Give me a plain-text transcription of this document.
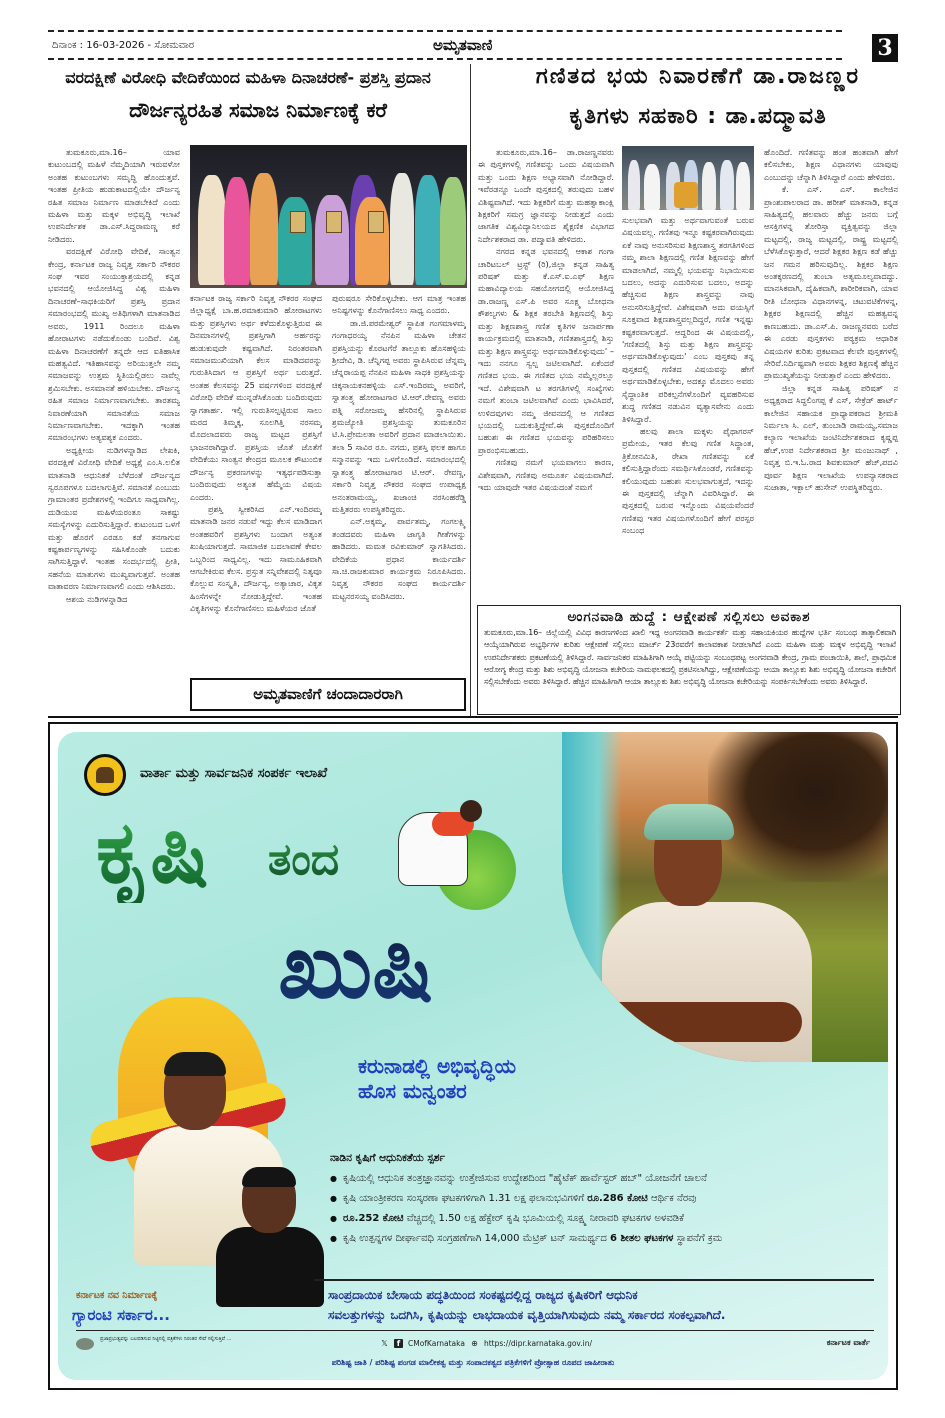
ದಿನಾಂಕ : 16-03-2026 - ಸೋಮವಾರ	ಅಮೃತವಾಣಿ	3
ವರದಕ್ಷಿಣೆ ವಿರೋಧಿ ವೇದಿಕೆಯಿಂದ ಮಹಿಳಾ ದಿನಾಚರಣೆ- ಪ್ರಶಸ್ತಿ ಪ್ರದಾನ
ದೌರ್ಜನ್ಯರಹಿತ ಸಮಾಜ ನಿರ್ಮಾಣಕ್ಕೆ ಕರೆ
ಗಣಿತದ ಭಯ ನಿವಾರಣೆಗೆ ಡಾ.ರಾಜಣ್ಣರ
ಕೃತಿಗಳು ಸಹಕಾರಿ : ಡಾ.ಪದ್ಮಾವತಿ

ತುಮಕೂರು,ಮಾ.16– ಯಾವ ಕುಟುಂಬದಲ್ಲಿ ಮಹಿಳೆ ನೆಮ್ಮದಿಯಾಗಿ ಇರುವಳೋ ಅಂತಹ ಕುಟುಂಬಗಳು ಸಮೃದ್ಧಿ ಹೊಂದುತ್ತವೆ. ಇಂತಹ ಪ್ರೀತಿಯ ಹುಡುಕಾಟದಲ್ಲಿಯೇ ದೌರ್ಜನ್ಯ ರಹಿತ ಸಮಾಜ ನಿರ್ಮಾಣ ಮಾಡಬೇಕಿದೆ ಎಂದು ಮಹಿಳಾ ಮತ್ತು ಮಕ್ಕಳ ಅಭಿವೃದ್ಧಿ ಇಲಾಖೆ ಉಪನಿರ್ದೇಶಕ ಡಾ.ಎಸ್.ಸಿದ್ದರಾಮಣ್ಣ ಕರೆ ನೀಡಿದರು.

ವರದಕ್ಷಿಣೆ ವಿರೋಧಿ ವೇದಿಕೆ, ಸಾಂತ್ವನ ಕೇಂದ್ರ, ಕರ್ನಾಟಕ ರಾಜ್ಯ ನಿವೃತ್ತ ಸರ್ಕಾರಿ ನೌಕರರ ಸಂಘ ಇವರ ಸಂಯುಕ್ತಾಶ್ರಯದಲ್ಲಿ ಕನ್ನಡ ಭವನದಲ್ಲಿ ಆಯೋಜಿಸಿದ್ದ ವಿಶ್ವ ಮಹಿಳಾ ದಿನಾಚರಣೆ–ಸಾಧಕಿಯರಿಗೆ ಪ್ರಶಸ್ತಿ ಪ್ರದಾನ ಸಮಾರಂಭದಲ್ಲಿ ಮುಖ್ಯ ಅತಿಥಿಗಳಾಗಿ ಮಾತನಾಡಿದ ಅವರು, 1911 ರಿಂದಲೂ ಮಹಿಳಾ ಹೋರಾಟಗಳು ನಡೆದುಕೊಂಡು ಬಂದಿವೆ. ವಿಶ್ವ ಮಹಿಳಾ ದಿನಾಚರಣೆಗೆ ತನ್ನದೇ ಆದ ಐತಿಹಾಸಿಕ ಮಹತ್ವವಿದೆ. ಇತಿಹಾಸವನ್ನು ಅರಿಯುತ್ತಲೇ ನಮ್ಮ ಸಮಾಜವನ್ನು ಉತ್ತಮ ಸ್ಥಿತಿಯಲ್ಲಿಡಲು ನಾವೆಲ್ಲ ಶ್ರಮಿಸಬೇಕು. ಅಸಮಾನತೆ ಹಳಿಯಬೇಕು. ದೌರ್ಜನ್ಯ ರಹಿತ ಸಮಾಜ ನಿರ್ಮಾಣವಾಗಬೇಕು. ತಾರತಮ್ಯ ನಿವಾರಣೆಯಾಗಿ ಸಮಾನತೆಯ ಸಮಾಜ ನಿರ್ಮಾಣವಾಗಬೇಕು. ಇದಕ್ಕಾಗಿ ಇಂತಹ ಸಮಾರಂಭಗಳು ಅತ್ಯವಶ್ಯಕ ಎಂದರು.

ಅಧ್ಯಕ್ಷೀಯ ನುಡಿಗಳನ್ನಾಡಿದ ಲೇಖಕಿ, ವರದಕ್ಷಿಣೆ ವಿರೋಧಿ ವೇದಿಕೆ ಅಧ್ಯಕ್ಷೆ ಎಂ.ಸಿ.ಲಲಿತ ಮಾತನಾಡಿ ಆಧುನಿಕತೆ ಬೆಳೆದಂತೆ ದೌರ್ಜನ್ಯದ ಸ್ವರೂಪಗಳೂ ಬದಲಾಗುತ್ತಿವೆ. ಸಮಾನತೆ ಎಂಬುದು ಗ್ರಾಮಾಂತರ ಪ್ರದೇಶಗಳಲ್ಲಿ ಇಂದಿಗೂ ಸಾಧ್ಯವಾಗಿಲ್ಲ. ದುಡಿಯುವ ಮಹಿಳೆಯರಂತೂ ಸಾಕಷ್ಟು ಸಮಸ್ಯೆಗಳನ್ನು ಎದುರಿಸುತ್ತಿದ್ದಾರೆ. ಕುಟುಂಬದ ಒಳಗೆ ಮತ್ತು ಹೊರಗೆ ಎರಡೂ ಕಡೆ ತನಗಾಗುವ ಕಷ್ಟಕಾರ್ಪಣ್ಯಗಳನ್ನು ಸಹಿಸಿಕೊಂಡೇ ಬದುಕು ಸಾಗಿಸುತ್ತಿದ್ದಾಳೆ. ಇಂತಹ ಸಂದರ್ಭದಲ್ಲಿ ಪ್ರೀತಿ, ಸಹನೆಯ ಮಾತುಗಳು ಮುಖ್ಯವಾಗುತ್ತವೆ. ಅಂತಹ ವಾತಾವರಣ ನಿರ್ಮಾಣವಾಗಲಿ ಎಂದು ಆಶಿಸಿದರು.

ಆಶಯ ನುಡಿಗಳನ್ನಾಡಿದ

ಕರ್ನಾಟಕ ರಾಜ್ಯ ಸರ್ಕಾರಿ ನಿವೃತ್ತ ನೌಕರರ ಸಂಘದ ಜಿಲ್ಲಾಧ್ಯಕ್ಷೆ ಬಾ.ಹ.ರಮಾಕುಮಾರಿ ಹೋರಾಟಗಳು ಮತ್ತು ಪ್ರಶಸ್ತಿಗಳು ಅರ್ಥ ಕಳೆದುಕೊಳ್ಳುತ್ತಿರುವ ಈ ದಿನಮಾನಗಳಲ್ಲಿ ಪ್ರಶಸ್ತಿಗಾಗಿ ಅರ್ಹರನ್ನು ಹುಡುಕುವುದೇ ಕಷ್ಟವಾಗಿದೆ. ನಿರಂತರವಾಗಿ ಸಮಾಜಮುಖಿಯಾಗಿ ಕೆಲಸ ಮಾಡಿದವರನ್ನು ಗುರುತಿಸಿದಾಗ ಆ ಪ್ರಶಸ್ತಿಗೆ ಅರ್ಥ ಬರುತ್ತದೆ. ಅಂತಹ ಕೆಲಸವನ್ನು 25 ವರ್ಷಗಳಿಂದ ವರದಕ್ಷಿಣೆ ವಿರೋಧಿ ವೇದಿಕೆ ಮುನ್ನಡೆಸಿಕೊಂಡು ಬಂದಿರುವುದು ಸ್ವಾಗತಾರ್ಹ. ಇಲ್ಲಿ ಗುರುತಿಸಲ್ಪಟ್ಟಿರುವ ಸಾಲು ಮರದ ತಿಮ್ಮಕ್ಕ, ಸೂಲಗಿತ್ತಿ ನರಸಮ್ಮ ಮೊದಲಾದವರು ರಾಜ್ಯ ಮಟ್ಟದ ಪ್ರಶಸ್ತಿಗೆ ಭಾಜನರಾಗಿದ್ದಾರೆ. ಪ್ರಶಸ್ತಿಯ ಜೊತೆ ಜೊತೆಗೆ ವೇದಿಕೆಯು ಸಾಂತ್ವನ ಕೇಂದ್ರದ ಮೂಲಕ ಕೌಟುಂಬಿಕ ದೌರ್ಜನ್ಯ ಪ್ರಕರಣಗಳನ್ನು ಇತ್ಯರ್ಥಪಡಿಸುತ್ತಾ ಬಂದಿರುವುದು ಅತ್ಯಂತ ಹೆಮ್ಮೆಯ ವಿಷಯ ಎಂದರು.

ಪ್ರಶಸ್ತಿ ಸ್ವೀಕರಿಸಿದ ಎನ್.ಇಂದಿರಮ್ಮ ಮಾತನಾಡಿ ಜನರ ನಡುವೆ ಇದ್ದು ಕೆಲಸ ಮಾಡಿದಾಗ ಅಂತಹವರಿಗೆ ಪ್ರಶಸ್ತಿಗಳು ಬಂದಾಗ ಅತ್ಯಂತ ಖುಷಿಯಾಗುತ್ತದೆ. ಸಾಮಾಜಿಕ ಬದಲಾವಣೆ ಕೇವಲ ಒಬ್ಬರಿಂದ ಸಾಧ್ಯವಿಲ್ಲ. ಇದು ಸಾಮೂಹಿಕವಾಗಿ ಆಗಬೇಕಿರುವ ಕೆಲಸ. ಪ್ರಸ್ತುತ ಸನ್ನಿವೇಶದಲ್ಲಿ ನಿತ್ಯವೂ ಕೊಲ್ಲುವ ಸಂಸ್ಕೃತಿ, ದೌರ್ಜನ್ಯ, ಅತ್ಯಾಚಾರ, ವಿಕೃತ ಹಿಂಸೆಗಳನ್ನೇ ನೋಡುತ್ತಿದ್ದೇವೆ. ಇಂತಹ ವಿಕೃತಿಗಳನ್ನು ಕೊನೆಗಾಣಿಸಲು ಮಹಿಳೆಯರ ಜೊತೆ

ಪುರುಷರೂ ಸೇರಿಕೊಳ್ಳಬೇಕು. ಆಗ ಮಾತ್ರ ಇಂತಹ ಅನಿಷ್ಟಗಳನ್ನು ಕೊನೆಗಾಣಿಸಲು ಸಾಧ್ಯ ಎಂದರು.

ಡಾ.ಜಿ.ಪರಮೇಶ್ವರ್ ಸ್ಥಾಪಿತ ಗಂಗಮಾಳಮ್ಮ ಗಂಗಾಧರಯ್ಯ ನೆನಪಿನ ಮಹಿಳಾ ಚೇತನ ಪ್ರಶಸ್ತಿಯನ್ನು ಕೊರಟಗೆರೆ ತಾಲ್ಲೂಕು ಹೊಸಹಳ್ಳಿಯ ಶ್ರೀದೇವಿ, ಡಿ. ಚೆನ್ನಿಗಪ್ಪ ಅವರು ಸ್ಥಾಪಿಸಿರುವ ಚೆನ್ನಮ್ಮ ಚೆನ್ನರಾಯಪ್ಪ ನೆನಪಿನ ಮಹಿಳಾ ಸಾಧಕಿ ಪ್ರಶಸ್ತಿಯನ್ನು ಚಿಕ್ಕನಾಯಕನಹಳ್ಳಿಯ ಎಸ್.ಇಂದಿರಮ್ಮ ಅವರಿಗೆ, ಸ್ವಾತಂತ್ರ್ಯ ಹೋರಾಟಗಾರ ಟಿ.ಆರ್.ರೇವಣ್ಣ ಅವರು ಪತ್ನಿ ಸರೋಜಮ್ಮ ಹೆಸರಿನಲ್ಲಿ ಸ್ಥಾಪಿಸಿರುವ ಶ್ರಮಜ್ಯೋತಿ ಪ್ರಶಸ್ತಿಯನ್ನು ತುಮಕೂರಿನ ಟಿ.ಸಿ.ಪ್ರೇಮಲತಾ ಅವರಿಗೆ ಪ್ರದಾನ ಮಾಡಲಾಯಿತು. ತಲಾ 5 ಸಾವಿರ ರೂ. ನಗದು, ಪ್ರಶಸ್ತಿ ಫಲಕ ಹಾಗೂ ಸನ್ಮಾನವನ್ನು ಇದು ಒಳಗೊಂಡಿದೆ. ಸಮಾರಂಭದಲ್ಲಿ ಸ್ವಾತಂತ್ರ್ಯ ಹೋರಾಟಗಾರ ಟಿ.ಆರ್. ರೇವಣ್ಣ, ಸರ್ಕಾರಿ ನಿವೃತ್ತ ನೌಕರರ ಸಂಘದ ಉಪಾಧ್ಯಕ್ಷ ಅನಂತರಾಮಯ್ಯ, ಖಜಾಂಚಿ ನರಸಿಂಹರೆಡ್ಡಿ ಮತ್ತಿತರರು ಉಪಸ್ಥಿತರಿದ್ದರು.

ಎನ್.ಅಕ್ಕಮ್ಮ, ಪಾರ್ವತಮ್ಮ, ಗಂಗಲಕ್ಷ್ಮಿ ತಂಡದವರು ಮಹಿಳಾ ಜಾಗೃತಿ ಗೀತೆಗಳನ್ನು ಹಾಡಿದರು. ಮಮತ ರವಿಕುಮಾರ್ ಸ್ವಾಗತಿಸಿದರು. ವೇದಿಕೆಯ ಪ್ರಧಾನ ಕಾರ್ಯದರ್ಶಿ ಸಾ.ಚಿ.ರಾಜಕುಮಾರ ಕಾರ್ಯಕ್ರಮ ನಿರೂಪಿಸಿದರು. ನಿವೃತ್ತ ನೌಕರರ ಸಂಘದ ಕಾರ್ಯದರ್ಶಿ ಮಟ್ಟನರಸಯ್ಯ ವಂದಿಸಿದರು.

ಅಮೃತವಾಣಿಗೆ ಚಂದಾದಾರರಾಗಿ

ತುಮಕೂರು,ಮಾ.16– ಡಾ.ರಾಜಣ್ಣನವರು ಈ ಪುಸ್ತಕಗಳಲ್ಲಿ ಗಣಿತವನ್ನು ಒಂದು ವಿಷಯವಾಗಿ ಮತ್ತು ಒಂದು ಶಿಕ್ಷಣ ಅಭ್ಯಾಸವಾಗಿ ನೋಡಿದ್ದಾರೆ. ಇವೆರಡನ್ನೂ ಒಂದೇ ಪುಸ್ತಕದಲ್ಲಿ ತರುವುದು ಬಹಳ ವಿಶಿಷ್ಟವಾಗಿದೆ. ಇದು ಶಿಕ್ಷಕರಿಗೆ ಮತ್ತು ಮಹತ್ವಾಕಾಂಕ್ಷಿ ಶಿಕ್ಷಕರಿಗೆ ಸಮಗ್ರ ಜ್ಞಾನವನ್ನು ನೀಡುತ್ತದೆ ಎಂದು ಜಾಗತಿಕ ವಿಶ್ವವಿದ್ಯಾನಿಲಯದ ಶೈಕ್ಷಣಿಕ ವಿಭಾಗದ ನಿರ್ದೇಶಕರಾದ ಡಾ. ಪದ್ಮಾವತಿ ಹೇಳಿದರು.

ನಗರದ ಕನ್ನಡ ಭವನದಲ್ಲಿ ಆಕಾಶ ಗಂಗಾ ಚಾರಿಟಬಲ್ ಟ್ರಸ್ಟ್ (ರಿ),ಜಿಲ್ಲಾ ಕನ್ನಡ ಸಾಹಿತ್ಯ ಪರಿಷತ್ ಮತ್ತು ಕೆ.ಎಸ್.ಐ.ಎಫ್ ಶಿಕ್ಷಣ ಮಹಾವಿದ್ಯಾಲಯ ಸಹಯೋಗದಲ್ಲಿ ಆಯೋಜಿಸಿದ್ದ ಡಾ.ರಾಜಣ್ಣ ಎಸ್.ಪಿ ಅವರ ಸೂಕ್ಷ್ಮ ಬೋಧನಾ ಕೌಶಲ್ಯಗಳು & ಶಿಕ್ಷಕ ತರಬೇತಿ ಶಿಕ್ಷಣದಲ್ಲಿ ಶಿಸ್ತು ಮತ್ತು ಶಿಕ್ಷಣಶಾಸ್ತ್ರ ಗಣಿತ ಕೃತಿಗಳ ಜನಾರ್ಪಣಾ ಕಾರ್ಯಕ್ರಮದಲ್ಲಿ ಮಾತನಾಡಿ, ಗಣಿತಶಾಸ್ತ್ರದಲ್ಲಿ ಶಿಸ್ತು ಮತ್ತು ಶಿಕ್ಷಣ ಶಾಸ್ತ್ರವನ್ನು ಅರ್ಥಮಾಡಿಕೊಳ್ಳುವುದು' – ಇದು ನನಗೂ ಸ್ವಲ್ಪ ಜಟಿಲವಾಗಿದೆ. ಏಕೆಂದರೆ ಗಣಿತದ ಭಯ. ಈ ಗಣಿತದ ಭಯ ನಮ್ಮೆಲ್ಲರಲ್ಲೂ ಇದೆ. ವಿಶೇಷವಾಗಿ ಟ ತರಗತಿಗಳಲ್ಲಿ ಸಂಖ್ಯೆಗಳು ನಮಗೆ ತುಂಬಾ ಜಟಿಲವಾಗಿವೆ ಎಂದು ಭಾವಿಸಿದರೆ, ಉಳಿದವುಗಳು ನಮ್ಮ ಜೀವನದಲ್ಲಿ ಆ ಗಣಿತದ ಭಯದಲ್ಲಿ ಬದುಕುತ್ತಿದ್ದೇವೆ.ಈ ಪುಸ್ತಕದೊಂದಿಗೆ ಬಹುಶಃ ಈ ಗಣಿತದ ಭಯವನ್ನು ಪರಿಹರಿಸಲು ಪ್ರಾರಂಭಿಸಬಹುದು.

ಗಣಿತವು ನಮಗೆ ಭಯವಾಗಲು ಕಾರಣ, ವಿಶೇಷವಾಗಿ, ಗಣಿತವು ಅಮೂರ್ತ ವಿಷಯವಾಗಿದೆ. ಇದು ಯಾವುದೇ ಇತರ ವಿಷಯದಂತೆ ನಮಗೆ

ಸುಲಭವಾಗಿ ಮತ್ತು ಅರ್ಥವಾಗುವಂತೆ ಬರುವ ವಿಷಯವಲ್ಲ. ಗಣಿತವು ಇನ್ನೂ ಕಷ್ಟಕರವಾಗಿರುವುದು ಏಕೆ ನಾವು ಅನುಸರಿಸುವ ಶಿಕ್ಷಣಶಾಸ್ತ್ರ ತರಗತಿಗಳಿಂದ ನಮ್ಮ ಶಾಲಾ ಶಿಕ್ಷಣದಲ್ಲಿ ಗಣಿತ ಶಿಕ್ಷಣವನ್ನು ಹೇಗೆ ಮಾಡಲಾಗಿದೆ, ನಮ್ಮಲ್ಲಿ ಭಯವನ್ನು ನಿಭಾಯಿಸುವ ಬದಲು, ಅದನ್ನು ಎದುರಿಸುವ ಬದಲು, ಅದನ್ನು ಹೆಚ್ಚಿಸುವ ಶಿಕ್ಷಣ ಶಾಸ್ತ್ರವನ್ನು ನಾವು ಅನುಸರಿಸುತ್ತಿದ್ದೇವೆ. ವಿಶೇಷವಾಗಿ ಅದು ವಯಸ್ಸಿಗೆ ಸೂಕ್ತವಾದ ಶಿಕ್ಷಣಶಾಸ್ತ್ರವಲ್ಲದಿದ್ದರೆ, ಗಣಿತ ಇನ್ನಷ್ಟು ಕಷ್ಟಕರವಾಗುತ್ತದೆ. ಆದ್ದರಿಂದ ಈ ವಿಷಯದಲ್ಲಿ, 'ಗಣಿತದಲ್ಲಿ ಶಿಸ್ತು ಮತ್ತು ಶಿಕ್ಷಣ ಶಾಸ್ತ್ರವನ್ನು ಅರ್ಥಮಾಡಿಕೊಳ್ಳುವುದು' ಎಂಬ ಪುಸ್ತಕವು ತನ್ನ ಪುಸ್ತಕದಲ್ಲಿ ಗಣಿತದ ವಿಷಯವನ್ನು ಹೇಗೆ ಅರ್ಥಮಾಡಿಕೊಳ್ಳಬೇಕು, ಅದಕ್ಕೂ ಮೊದಲು ಅವರು ಸೈದ್ಧಾಂತಿಕ ಪರಿಕಲ್ಪನೆಗಳೊಂದಿಗೆ ವ್ಯವಹರಿಸುವ ಶುದ್ಧ ಗಣಿತದ ನಡುವಿನ ವ್ಯತ್ಯಾಸವೇನು ಎಂದು ತಿಳಿಸಿದ್ದಾರೆ.

ಹಲವು ಶಾಲಾ ಮಕ್ಕಳು ಪೈಥಾಗರಸ್ ಪ್ರಮೇಯ, ಇತರ ಕೆಲವು ಗಣಿತ ಸಿದ್ಧಾಂತ, ತ್ರಿಕೋನಮಿತಿ, ರೇಖಾ ಗಣಿತವನ್ನು ಏಕೆ ಕಲಿಸುತ್ತಿದ್ದಾರೆಂದು ಸಮರ್ಥಿಸಿಕೊಂಡರೆ, ಗಣಿತವನ್ನು ಕಲಿಯುವುದು ಬಹುಶಃ ಸುಲಭವಾಗುತ್ತದೆ, ಇದನ್ನು ಈ ಪುಸ್ತಕದಲ್ಲಿ ಚೆನ್ನಾಗಿ ವಿವರಿಸಿದ್ದಾರೆ. ಈ ಪುಸ್ತಕದಲ್ಲಿ ಬರುವ ಇನ್ನೊಂದು ವಿಷಯವೆಂದರೆ ಗಣಿತವು ಇತರ ವಿಷಯಗಳೊಂದಿಗೆ ಹೇಗೆ ಪರಸ್ಪರ ಸಂಬಂಧ

ಹೊಂದಿದೆ. ಗಣಿತವನ್ನು ಹಂತ ಹಂತವಾಗಿ ಹೇಗೆ ಕಲಿಸಬೇಕು, ಶಿಕ್ಷಣ ವಿಧಾನಗಳು ಯಾವುವು ಎಂಬುದನ್ನು ಚೆನ್ನಾಗಿ ತಿಳಿಸಿದ್ದಾರೆ ಎಂದು ಹೇಳಿದರು.

ಕೆ. ಎಸ್. ಎಸ್. ಕಾಲೇಜಿನ ಪ್ರಾಂಶುಪಾಲರಾದ ಡಾ. ಹರೀಶ್ ಮಾತನಾಡಿ, ಕನ್ನಡ ಸಾಹಿತ್ಯದಲ್ಲಿ ಹಲವಾರು ಹೆಚ್ಚು ಜನರು ಬಗ್ಗೆ ಆಸಕ್ತಿಗಳನ್ನ ತೋರಿಸ್ತಾ ವ್ಯಕ್ತಿತ್ವವನ್ನು ಜಿಲ್ಲಾ ಮಟ್ಟದಲ್ಲಿ, ರಾಜ್ಯ ಮಟ್ಟದಲ್ಲಿ, ರಾಷ್ಟ್ರ ಮಟ್ಟದಲ್ಲಿ ಬೆಳೆಸಿಕೊಳ್ಳುತ್ತಾರೆ, ಆದರೆ ಶಿಕ್ಷಕರ ಶಿಕ್ಷಣ ಕಡೆ ಹೆಚ್ಚು ಜನ ಗಮನ ಹರಿಸುವುದಿಲ್ಲ. ಶಿಕ್ಷಕರ ಶಿಕ್ಷಣ ಅಂತಕ್ಕರಣದಲ್ಲಿ ತುಂಬಾ ಅತ್ಯಮೂಲ್ಯವಾದದ್ದು. ಮಾನಸಿಕವಾಗಿ, ದೈಹಿಕವಾಗಿ, ಶಾರೀರಿಕವಾಗಿ, ಯಾವ ರೀತಿ ಬೋಧನಾ ವಿಧಾನಗಳನ್ನ, ಚಟುವಟಿಕೆಗಳನ್ನ, ಶಿಕ್ಷಕರ ಶಿಕ್ಷಣದಲ್ಲಿ ಹೆಚ್ಚಿನ ಮಹತ್ವವನ್ನ ಕಾಣಬಹುದು. ಡಾ.ಎಸ್.ಪಿ. ರಾಜಣ್ಣನವರು ಬರೆದ ಈ ಎರಡು ಪುಸ್ತಕಗಳು ಪಠ್ಯಕ್ರಮ ಆಧಾರಿತ ವಿಷಯಗಳ ಕುರಿತು ಪ್ರಕಟವಾದ ಕೆಲವೇ ಪುಸ್ತಕಗಳಲ್ಲಿ ಸೇರಿವೆ.ನಿರ್ದಿಷ್ಟವಾಗಿ ಅವರು ಶಿಕ್ಷಕರ ಶಿಕ್ಷಣಕ್ಕೆ ಹೆಚ್ಚಿನ ಪ್ರಾಮುಖ್ಯತೆಯನ್ನು ನೀಡುತ್ತಾರೆ ಎಂದು ಹೇಳಿದರು.

ಜಿಲ್ಲಾ ಕನ್ನಡ ಸಾಹಿತ್ಯ ಪರಿಷತ್ ನ ಅಧ್ಯಕ್ಷರಾದ ಸಿದ್ದಲಿಂಗಪ್ಪ ಕೆ ಎಸ್, ಸೇಕ್ರೆಡ್ ಹಾರ್ಟ್ ಕಾಲೇಜಿನ ಸಹಾಯಕ ಪ್ರಾಧ್ಯಾಪಕರಾದ ಶ್ರೀಮತಿ ನಿರ್ಮಲಾ ಸಿ. ಎಲ್, ತುಂಬಾಡಿ ರಾಮಯ್ಯ,ಸಮಾಜ ಕಲ್ಯಾಣ ಇಲಾಖೆಯ ಜಂಟಿನಿರ್ದೇಶಕರಾದ ಕೃಷ್ಣಪ್ಪ ಹೆಚ್,ಉಪ ನಿರ್ದೇಶಕರಾದ ಶ್ರೀ ಮಂಜುನಾಥ್ , ನಿವೃತ್ತ ಬಿ.ಇ.ಓ.ರಾದ ಶಿವಕುಮಾರ್ ಹೆಚ್,ಪದವಿ ಪೂರ್ವ ಶಿಕ್ಷಣ ಇಲಾಖೆಯ ಉಪನ್ಯಾಸಕರಾದ ಸುಜಾತಾ, ಇಕ್ಬಾಲ್ ಹುಸೇನ್ ಉಪಸ್ಥಿತರಿದ್ದರು.

ಅಂಗನವಾಡಿ ಹುದ್ದೆ : ಆಕ್ಷೇಪಣೆ ಸಲ್ಲಿಸಲು ಅವಕಾಶ
ತುಮಕೂರು,ಮಾ.16– ಜಿಲ್ಲೆಯಲ್ಲಿ ವಿವಿಧ ಕಾರಣಗಳಿಂದ ಖಾಲಿ ಇದ್ದ ಅಂಗನವಾಡಿ ಕಾರ್ಯಕರ್ತೆ ಮತ್ತು ಸಹಾಯಕಿಯರ ಹುದ್ದೆಗಳ ಭರ್ತಿ ಸಂಬಂಧ ತಾತ್ಕಾಲಿಕವಾಗಿ ಆಯ್ಕೆಯಾಗಿರುವ ಅಭ್ಯರ್ಥಿಗಳ ಕುರಿತು ಆಕ್ಷೇಪಣೆ ಸಲ್ಲಿಸಲು ಮಾರ್ಚ್ 23ರವರೆಗೆ ಕಾಲಾವಕಾಶ ನೀಡಲಾಗಿದೆ ಎಂದು ಮಹಿಳಾ ಮತ್ತು ಮಕ್ಕಳ ಅಭಿವೃದ್ಧಿ ಇಲಾಖೆ ಉಪನಿರ್ದೇಶಕರು ಪ್ರಕಟಣೆಯಲ್ಲಿ ತಿಳಿಸಿದ್ದಾರೆ. ಸಾರ್ವಜನಿಕರ ಮಾಹಿತಿಗಾಗಿ ಆಯ್ಕೆ ಪಟ್ಟಿಯನ್ನು ಸಂಬಂಧಪಟ್ಟ ಅಂಗನವಾಡಿ ಕೇಂದ್ರ, ಗ್ರಾಮ ಪಂಚಾಯಿತಿ, ಶಾಲೆ, ಪ್ರಾಥಮಿಕ ಆರೋಗ್ಯ ಕೇಂದ್ರ ಮತ್ತು ಶಿಶು ಅಭಿವೃದ್ಧಿ ಯೋಜನಾ ಕಚೇರಿಯ ನಾಮಫಲಕದಲ್ಲಿ ಪ್ರಕಟಿಸಲಾಗಿದ್ದು, ಆಕ್ಷೇಪಣೆಯನ್ನು ಆಯಾ ತಾಲ್ಲೂಕು ಶಿಶು ಅಭಿವೃದ್ಧಿ ಯೋಜನಾ ಕಚೇರಿಗೆ ಸಲ್ಲಿಸಬೇಕೆಂದು ಅವರು ತಿಳಿಸಿದ್ದಾರೆ. ಹೆಚ್ಚಿನ ಮಾಹಿತಿಗಾಗಿ ಆಯಾ ತಾಲ್ಲೂಕು ಶಿಶು ಅಭಿವೃದ್ಧಿ ಯೋಜನಾ ಕಚೇರಿಯನ್ನು ಸಂಪರ್ಕಿಸಬೇಕೆಂದು ಅವರು ತಿಳಿಸಿದ್ದಾರೆ.
ವಾರ್ತಾ ಮತ್ತು ಸಾರ್ವಜನಿಕ ಸಂಪರ್ಕ ಇಲಾಖೆ
ಕೃಷಿ ತಂದ
ಖುಷಿ
ಕರುನಾಡಲ್ಲಿ ಅಭಿವೃದ್ಧಿಯ
ಹೊಸ ಮನ್ವಂತರ
ನಾಡಿನ ಕೃಷಿಗೆ ಆಧುನಿಕತೆಯ ಸ್ಪರ್ಶ
● ಕೃಷಿಯಲ್ಲಿ ಆಧುನಿಕ ತಂತ್ರಜ್ಞಾನವನ್ನು ಉತ್ತೇಜಿಸುವ ಉದ್ದೇಶದಿಂದ "ಹೈಟೆಕ್ ಹಾರ್ವೆಸ್ಟರ್ ಹಬ್" ಯೋಜನೆಗೆ ಚಾಲನೆ
● ಕೃಷಿ ಯಾಂತ್ರೀಕರಣ ಸಂಸ್ಕರಣಾ ಘಟಕಗಳಿಗಾಗಿ 1.31 ಲಕ್ಷ ಫಲಾನುಭವಿಗಳಿಗೆ ರೂ.286 ಕೋಟಿ ಆರ್ಥಿಕ ನೆರವು
● ರೂ.252 ಕೋಟಿ ವೆಚ್ಚದಲ್ಲಿ 1.50 ಲಕ್ಷ ಹೆಕ್ಟೇರ್ ಕೃಷಿ ಭೂಮಿಯಲ್ಲಿ ಸೂಕ್ಷ್ಮ ನೀರಾವರಿ ಘಟಕಗಳ ಅಳವಡಿಕೆ
● ಕೃಷಿ ಉತ್ಪನ್ನಗಳ ದೀರ್ಘಾವಧಿ ಸಂಗ್ರಹಣೆಗಾಗಿ 14,000 ಮೆಟ್ರಿಕ್ ಟನ್ ಸಾಮರ್ಥ್ಯದ 6 ಶೀತಲ ಘಟಕಗಳ ಸ್ಥಾಪನೆಗೆ ಕ್ರಮ
ಸಾಂಪ್ರದಾಯಿಕ ಬೇಸಾಯ ಪದ್ಧತಿಯಿಂದ ಸಂಕಷ್ಟದಲ್ಲಿದ್ದ ರಾಜ್ಯದ ಕೃಷಿಕರಿಗೆ ಆಧುನಿಕ
ಸವಲತ್ತುಗಳನ್ನು ಒದಗಿಸಿ, ಕೃಷಿಯನ್ನು ಲಾಭದಾಯಕ ವೃತ್ತಿಯಾಗಿಸುವುದು ನಮ್ಮ ಸರ್ಕಾರದ ಸಂಕಲ್ಪವಾಗಿದೆ.
ಕರ್ನಾಟಕ ನವ ನಿರ್ಮಾಣಕ್ಕೆ
ಗ್ಯಾರಂಟಿ ಸರ್ಕಾರ...
ಪ್ರಜಾಪ್ರಭುತ್ವವನ್ನು ಬಲಪಡಿಸುವ ನಿಟ್ಟಿನಲ್ಲಿ ಪತ್ರಿಕೆಗಳು ನಿರಂತರ ಸೇವೆ ಸಲ್ಲಿಸುತ್ತಿವೆ ...	𝕏	f	CMofKarnataka ⊕ https://dipr.karnataka.gov.in/	ಕರ್ನಾಟಕ ವಾರ್ತೆ
ಪರಿಶಿಷ್ಟ ಜಾತಿ / ಪರಿಶಿಷ್ಟ ಪಂಗಡ ಮಾಲೀಕತ್ವ ಮತ್ತು ಸಂಪಾದಕತ್ವದ ಪತ್ರಿಕೆಗಳಿಗೆ ಪ್ರೋತ್ಸಾಹ ರೂಪದ ಜಾಹೀರಾತು
